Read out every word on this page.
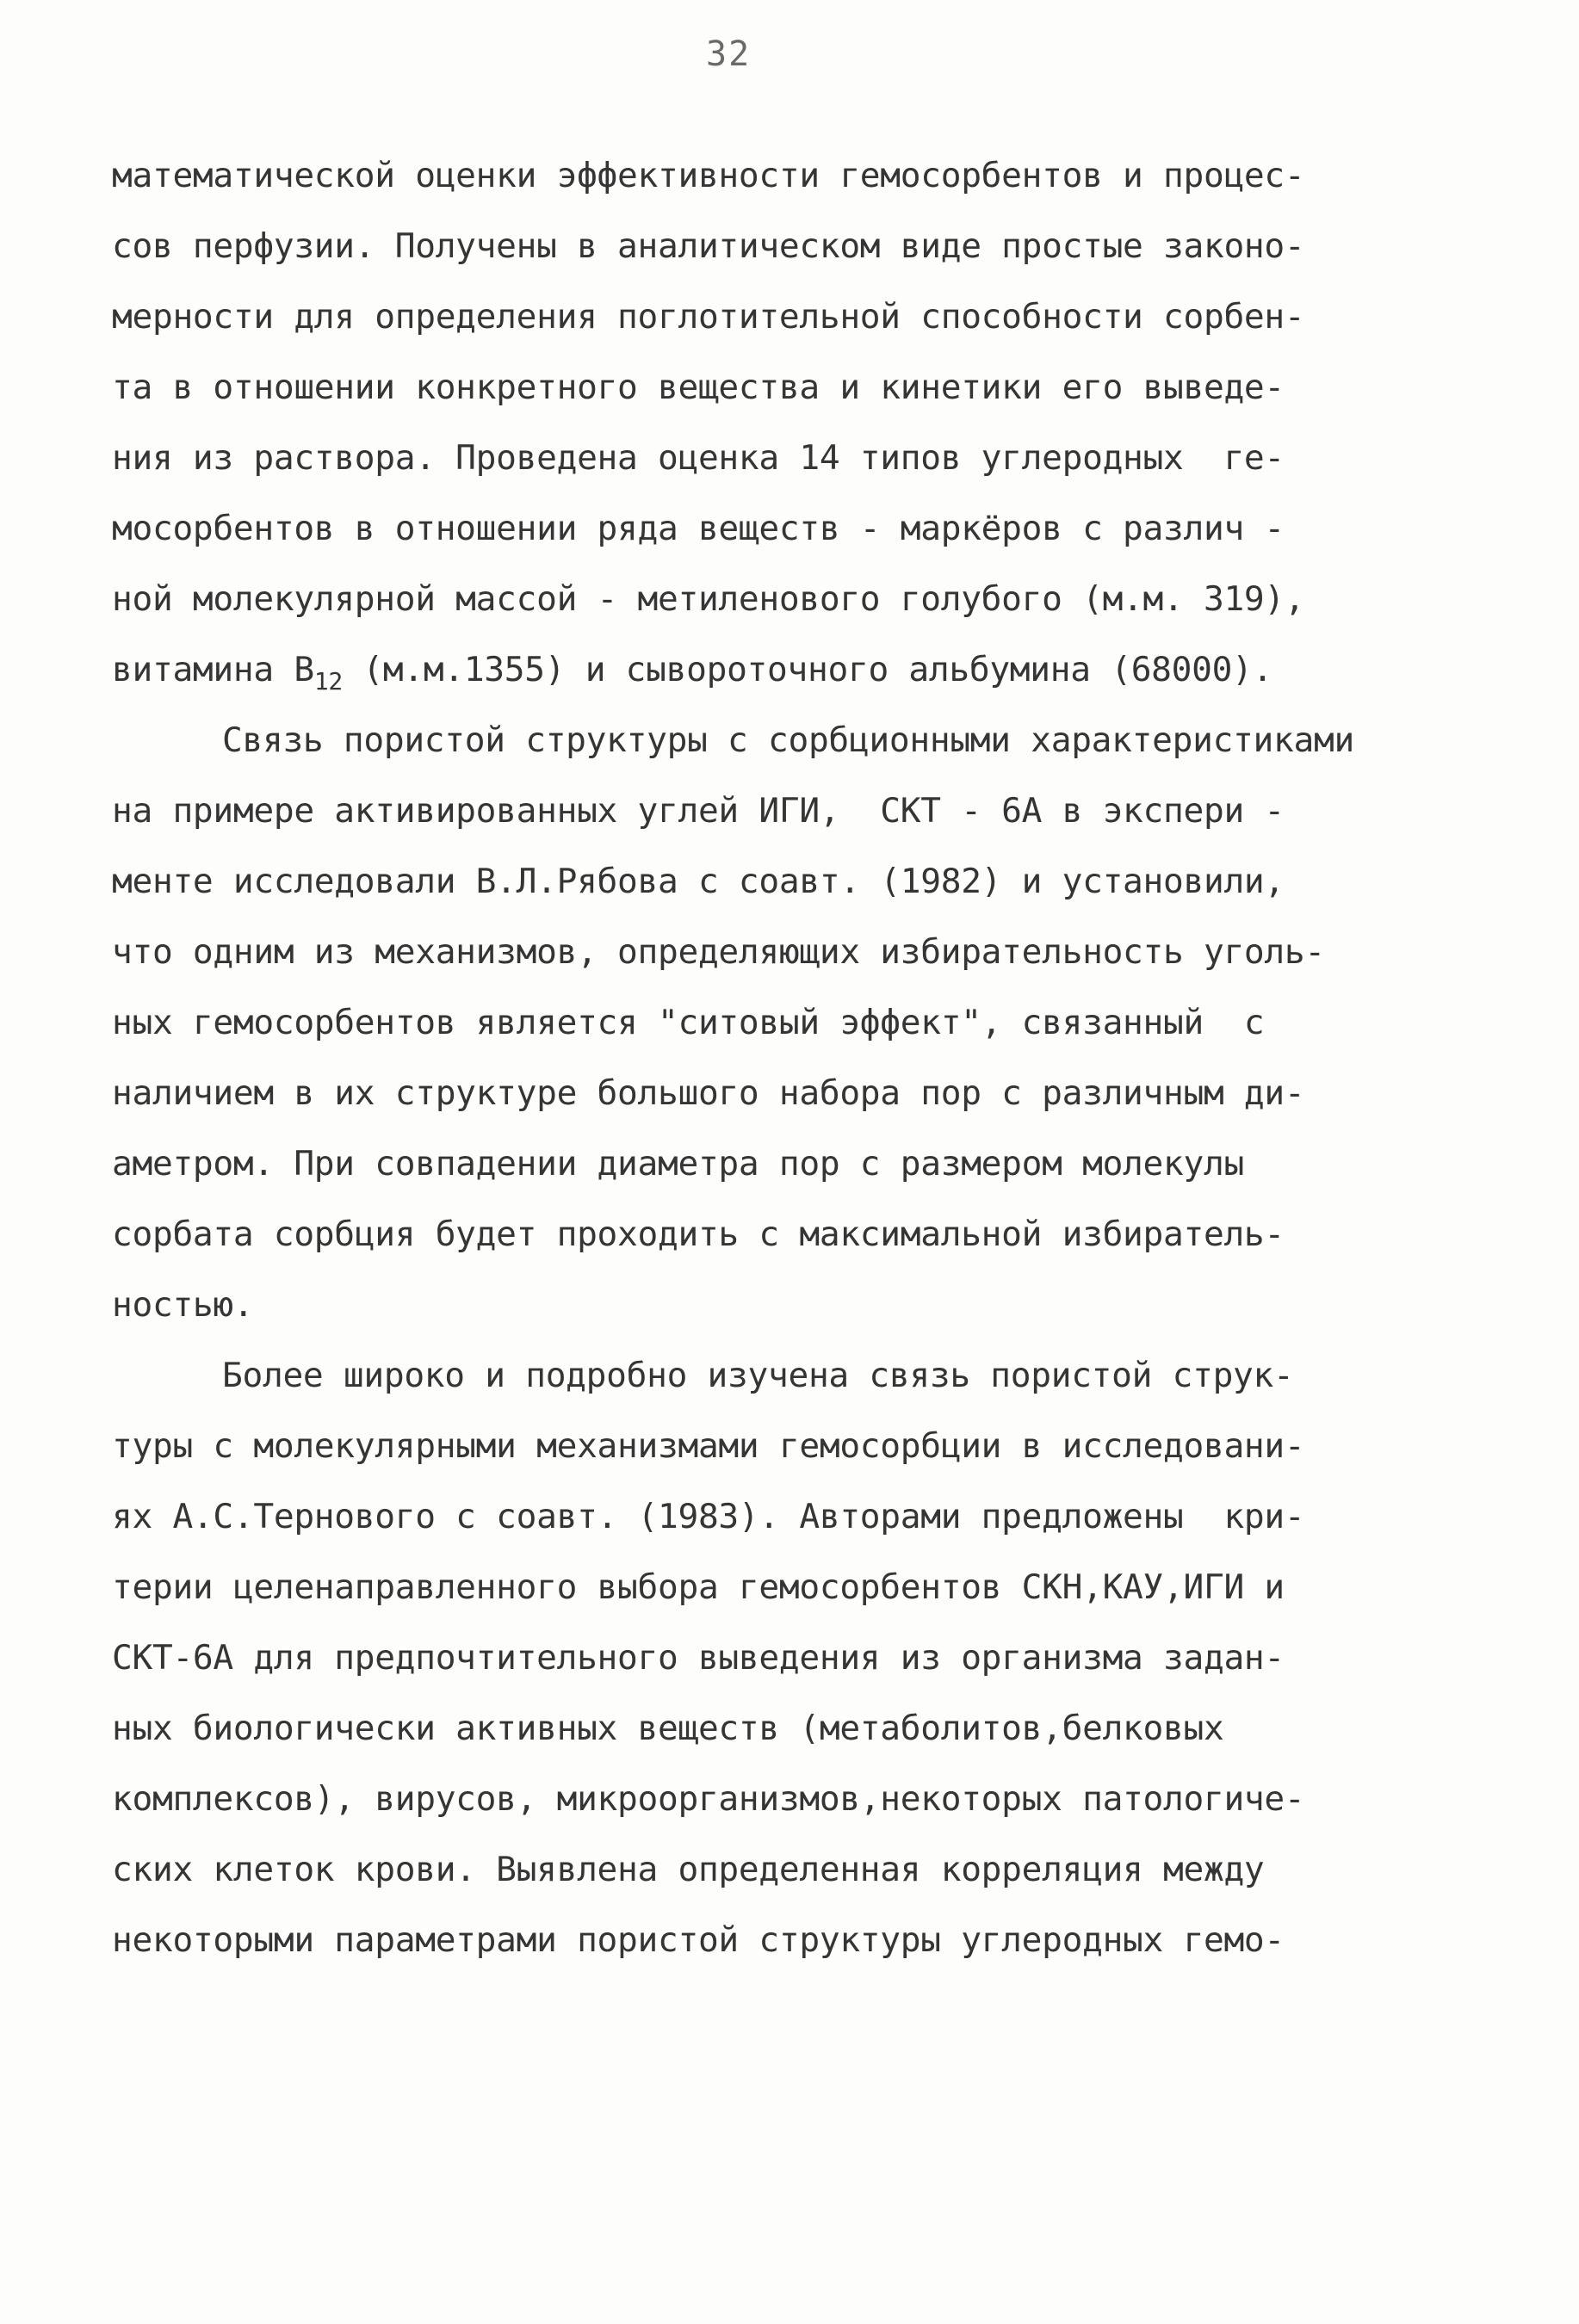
32
математической оценки эффективности гемосорбентов и процес-
сов перфузии. Получены в аналитическом виде простые законо-
мерности для определения поглотительной способности сорбен-
та в отношении конкретного вещества и кинетики его выведе-
ния из раствора. Проведена оценка 14 типов углеродных  ге-
мосорбентов в отношении ряда веществ - маркёров с различ -
ной молекулярной массой - метиленового голубого (м.м. 319),
витамина $B_{12}$ (м.м.1355) и сывороточного альбумина (68000).
Связь пористой структуры с сорбционными характеристиками
на примере активированных углей ИГИ,  СКТ - 6А в экспери -
менте исследовали В.Л.Рябова с соавт. (1982) и установили,
что одним из механизмов, определяющих избирательность уголь-
ных гемосорбентов является "ситовый эффект", связанный  с
наличием в их структуре большого набора пор с различным ди-
аметром. При совпадении диаметра пор с размером молекулы
сорбата сорбция будет проходить с максимальной избиратель-
ностью.
Более широко и подробно изучена связь пористой струк-
туры с молекулярными механизмами гемосорбции в исследовани-
ях А.С.Тернового с соавт. (1983). Авторами предложены  кри-
терии целенаправленного выбора гемосорбентов СКН,КАУ,ИГИ и
СКТ-6А для предпочтительного выведения из организма задан-
ных биологически активных веществ (метаболитов,белковых
комплексов), вирусов, микроорганизмов,некоторых патологиче-
ских клеток крови. Выявлена определенная корреляция между
некоторыми параметрами пористой структуры углеродных гемо-
